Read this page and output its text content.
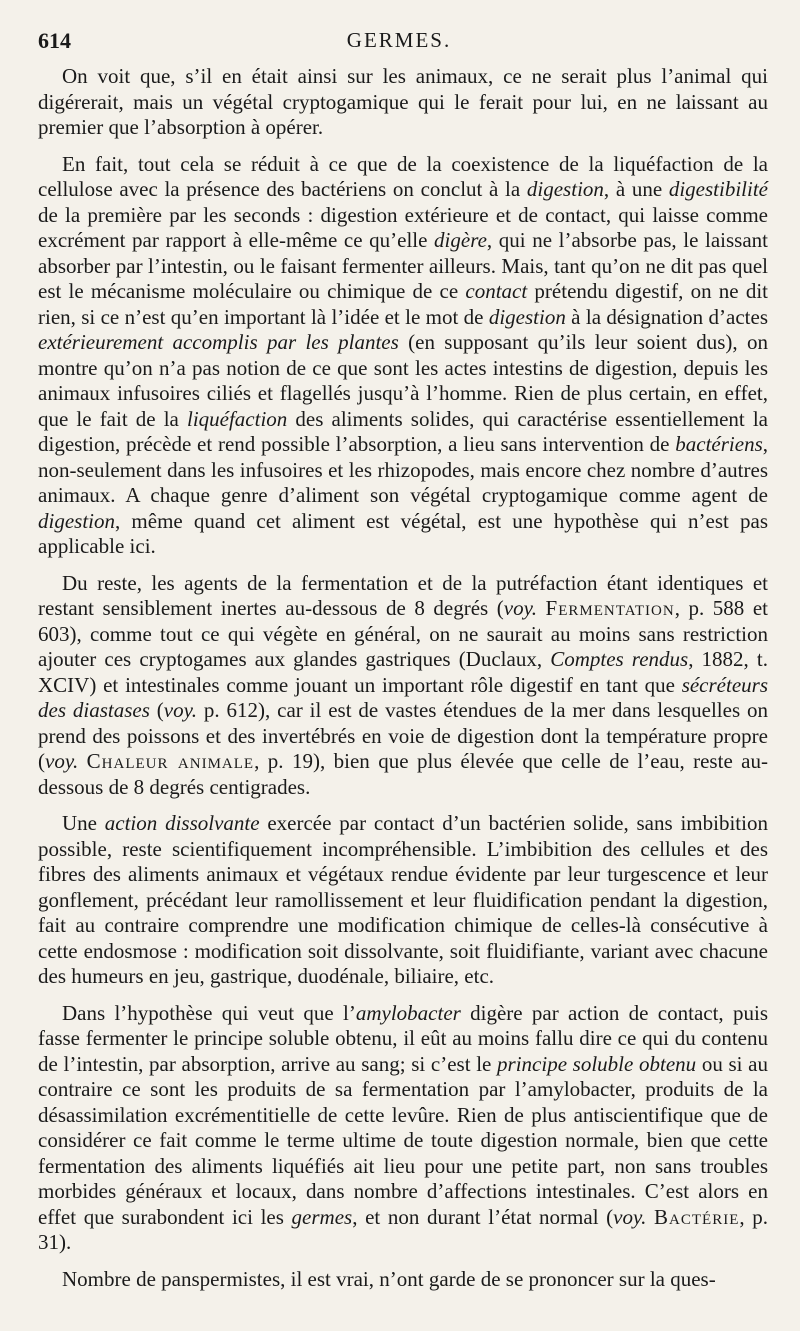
614	GERMES.

On voit que, s’il en était ainsi sur les animaux, ce ne serait plus l’animal qui digérerait, mais un végétal cryptogamique qui le ferait pour lui, en ne laissant au premier que l’absorption à opérer.

En fait, tout cela se réduit à ce que de la coexistence de la liquéfaction de la cellulose avec la présence des bactériens on conclut à la digestion, à une digestibilité de la première par les seconds : digestion extérieure et de contact, qui laisse comme excrément par rapport à elle-même ce qu’elle digère, qui ne l’absorbe pas, le laissant absorber par l’intestin, ou le faisant fermenter ailleurs. Mais, tant qu’on ne dit pas quel est le mécanisme moléculaire ou chimique de ce contact prétendu digestif, on ne dit rien, si ce n’est qu’en important là l’idée et le mot de digestion à la désignation d’actes extérieurement accomplis par les plantes (en supposant qu’ils leur soient dus), on montre qu’on n’a pas notion de ce que sont les actes intestins de digestion, depuis les animaux infusoires ciliés et flagellés jusqu’à l’homme. Rien de plus certain, en effet, que le fait de la liquéfaction des aliments solides, qui caractérise essentiellement la digestion, précède et rend possible l’absorption, a lieu sans intervention de bactériens, non-seulement dans les infusoires et les rhizopodes, mais encore chez nombre d’autres animaux. A chaque genre d’aliment son végétal cryptogamique comme agent de digestion, même quand cet aliment est végétal, est une hypothèse qui n’est pas applicable ici.

Du reste, les agents de la fermentation et de la putréfaction étant identiques et restant sensiblement inertes au-dessous de 8 degrés (voy. Fermentation, p. 588 et 603), comme tout ce qui végète en général, on ne saurait au moins sans restriction ajouter ces cryptogames aux glandes gastriques (Duclaux, Comptes rendus, 1882, t. XCIV) et intestinales comme jouant un important rôle digestif en tant que sécréteurs des diastases (voy. p. 612), car il est de vastes étendues de la mer dans lesquelles on prend des poissons et des invertébrés en voie de digestion dont la température propre (voy. Chaleur animale, p. 19), bien que plus élevée que celle de l’eau, reste au-dessous de 8 degrés centigrades.

Une action dissolvante exercée par contact d’un bactérien solide, sans imbibition possible, reste scientifiquement incompréhensible. L’imbibition des cellules et des fibres des aliments animaux et végétaux rendue évidente par leur turgescence et leur gonflement, précédant leur ramollissement et leur fluidification pendant la digestion, fait au contraire comprendre une modification chimique de celles-là consécutive à cette endosmose : modification soit dissolvante, soit fluidifiante, variant avec chacune des humeurs en jeu, gastrique, duodénale, biliaire, etc.

Dans l’hypothèse qui veut que l’amylobacter digère par action de contact, puis fasse fermenter le principe soluble obtenu, il eût au moins fallu dire ce qui du contenu de l’intestin, par absorption, arrive au sang; si c’est le principe soluble obtenu ou si au contraire ce sont les produits de sa fermentation par l’amylobacter, produits de la désassimilation excrémentitielle de cette levûre. Rien de plus antiscientifique que de considérer ce fait comme le terme ultime de toute digestion normale, bien que cette fermentation des aliments liquéfiés ait lieu pour une petite part, non sans troubles morbides généraux et locaux, dans nombre d’affections intestinales. C’est alors en effet que surabondent ici les germes, et non durant l’état normal (voy. Bactérie, p. 31).

Nombre de panspermistes, il est vrai, n’ont garde de se prononcer sur la ques-
